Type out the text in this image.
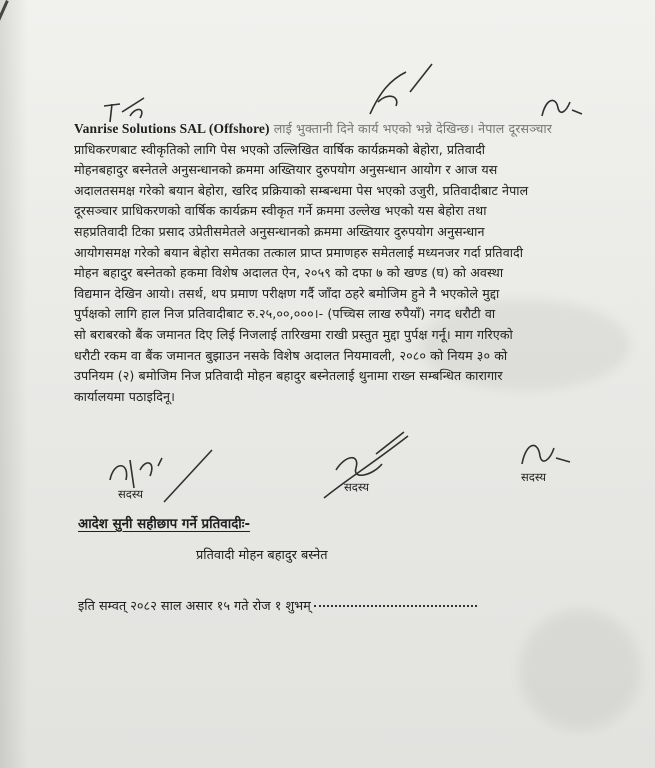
Vanrise Solutions SAL (Offshore) लाई भुक्तानी दिने कार्य भएको भन्ने देखिन्छ। नेपाल दूरसञ्चार
प्राधिकरणबाट स्वीकृतिको लागि पेस भएको उल्लिखित वार्षिक कार्यक्रमको बेहोरा, प्रतिवादी
मोहनबहादुर बस्नेतले अनुसन्धानको क्रममा अख्तियार दुरुपयोग अनुसन्धान आयोग र आज यस
अदालतसमक्ष गरेको बयान बेहोरा, खरिद प्रक्रियाको सम्बन्धमा पेस भएको उजुरी, प्रतिवादीबाट नेपाल
दूरसञ्चार प्राधिकरणको वार्षिक कार्यक्रम स्वीकृत गर्ने क्रममा उल्लेख भएको यस बेहोरा तथा
सहप्रतिवादी टिका प्रसाद उप्रेतीसमेतले अनुसन्धानको क्रममा अख्तियार दुरुपयोग अनुसन्धान
आयोगसमक्ष गरेको बयान बेहोरा समेतका तत्काल प्राप्त प्रमाणहरु समेतलाई मध्यनजर गर्दा प्रतिवादी
मोहन बहादुर बस्नेतको हकमा विशेष अदालत ऐन, २०५९ को दफा ७ को खण्ड (घ) को अवस्था
विद्यमान देखिन आयो। तसर्थ, थप प्रमाण परीक्षण गर्दै जाँदा ठहरे बमोजिम हुने नै भएकोले मुद्दा
पुर्पक्षको लागि हाल निज प्रतिवादीबाट रु.२५,००,०००।- (पच्चिस लाख रुपैयाँ) नगद धरौटी वा
सो बराबरको बैंक जमानत दिए लिई निजलाई तारिखमा राखी प्रस्तुत मुद्दा पुर्पक्ष गर्नू। माग गरिएको
धरौटी रकम वा बैंक जमानत बुझाउन नसके विशेष अदालत नियमावली, २०८० को नियम ३० को
उपनियम (२) बमोजिम निज प्रतिवादी मोहन बहादुर बस्नेतलाई थुनामा राख्न सम्बन्धित कारागार
कार्यालयमा पठाइदिनू।
सदस्य	सदस्य
सदस्य
आदेश सुनी सहीछाप गर्ने प्रतिवादीः-
प्रतिवादी मोहन बहादुर बस्नेत
इति सम्वत् २०८२ साल असार १५ गते रोज १ शुभम्
